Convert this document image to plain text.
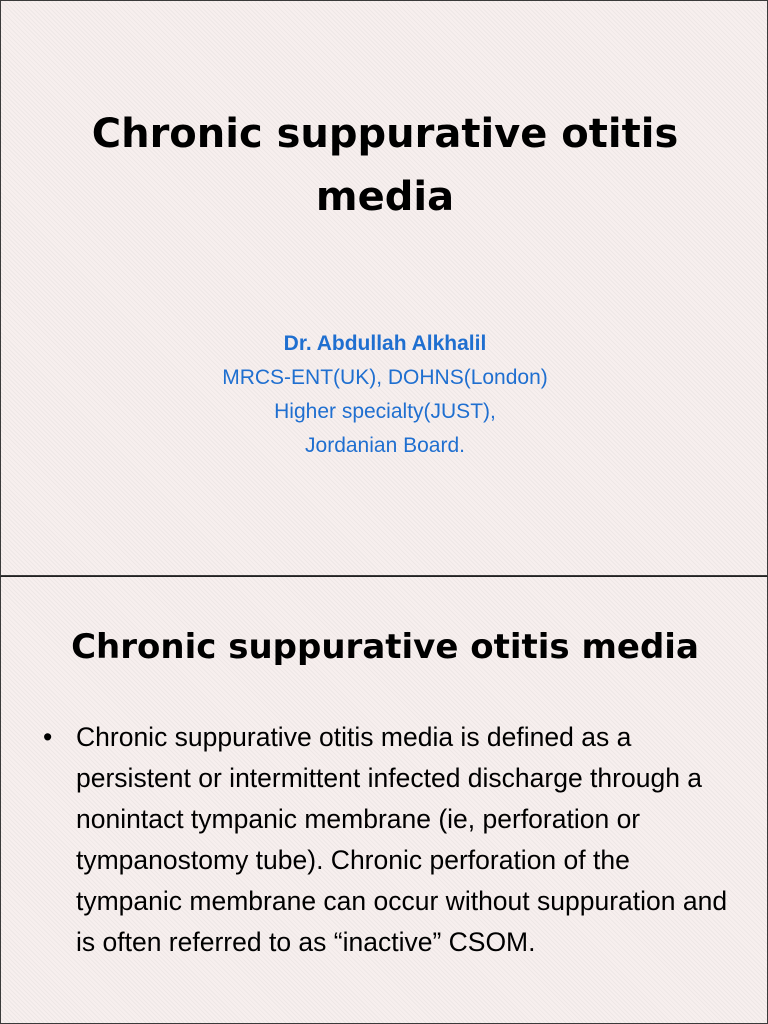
Chronic suppurative otitis media
Dr. Abdullah Alkhalil
MRCS-ENT(UK), DOHNS(London)
Higher specialty(JUST),
Jordanian Board.
Chronic suppurative otitis media
• Chronic suppurative otitis media is defined as a persistent or intermittent infected discharge through a nonintact tympanic membrane (ie, perforation or tympanostomy tube). Chronic perforation of the tympanic membrane can occur without suppuration and is often referred to as “inactive” CSOM.
